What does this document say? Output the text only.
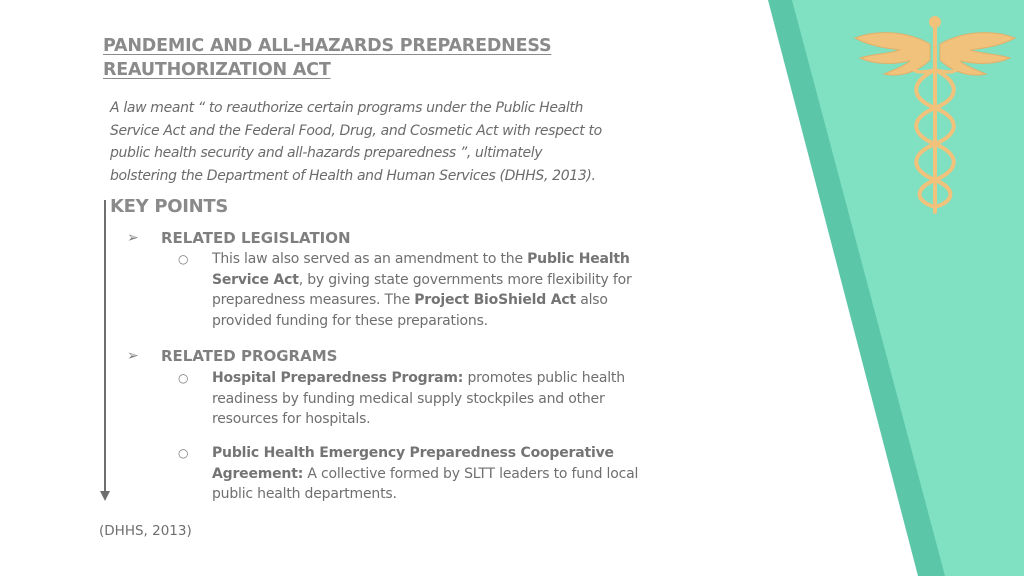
PANDEMIC AND ALL-HAZARDS PREPAREDNESS
REAUTHORIZATION ACT

A law meant “ to reauthorize certain programs under the Public Health
Service Act and the Federal Food, Drug, and Cosmetic Act with respect to
public health security and all-hazards preparedness ”, ultimately
bolstering the Department of Health and Human Services (DHHS, 2013).

KEY POINTS
➢	RELATED LEGISLATION
○ This law also served as an amendment to the Public Health
Service Act, by giving state governments more flexibility for
preparedness measures. The Project BioShield Act also
provided funding for these preparations.
➢	RELATED PROGRAMS
○ Hospital Preparedness Program: promotes public health
readiness by funding medical supply stockpiles and other
resources for hospitals.
○ Public Health Emergency Preparedness Cooperative
Agreement: A collective formed by SLTT leaders to fund local
public health departments.
(DHHS, 2013)
